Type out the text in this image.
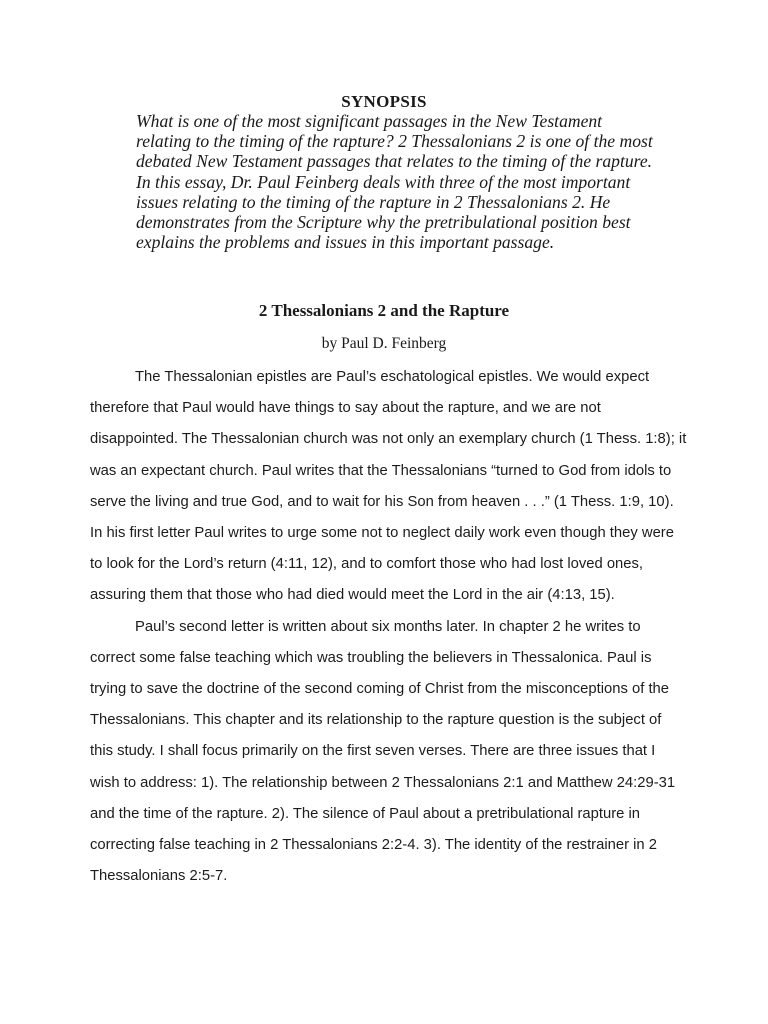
SYNOPSIS

What is one of the most significant passages in the New Testament relating to the timing of the rapture? 2 Thessalonians 2 is one of the most debated New Testament passages that relates to the timing of the rapture. In this essay, Dr. Paul Feinberg deals with three of the most important issues relating to the timing of the rapture in 2 Thessalonians 2. He demonstrates from the Scripture why the pretribulational position best explains the problems and issues in this important passage.

2 Thessalonians 2 and the Rapture
by Paul D. Feinberg

The Thessalonian epistles are Paul’s eschatological epistles. We would expect therefore that Paul would have things to say about the rapture, and we are not disappointed. The Thessalonian church was not only an exemplary church (1 Thess. 1:8); it was an expectant church. Paul writes that the Thessalonians “turned to God from idols to serve the living and true God, and to wait for his Son from heaven . . .” (1 Thess. 1:9, 10). In his first letter Paul writes to urge some not to neglect daily work even though they were to look for the Lord’s return (4:11, 12), and to comfort those who had lost loved ones, assuring them that those who had died would meet the Lord in the air (4:13, 15).

Paul’s second letter is written about six months later. In chapter 2 he writes to correct some false teaching which was troubling the believers in Thessalonica. Paul is trying to save the doctrine of the second coming of Christ from the misconceptions of the Thessalonians. This chapter and its relationship to the rapture question is the subject of this study. I shall focus primarily on the first seven verses. There are three issues that I wish to address: 1). The relationship between 2 Thessalonians 2:1 and Matthew 24:29-31 and the time of the rapture. 2). The silence of Paul about a pretribulational rapture in correcting false teaching in 2 Thessalonians 2:2-4. 3). The identity of the restrainer in 2 Thessalonians 2:5-7.
